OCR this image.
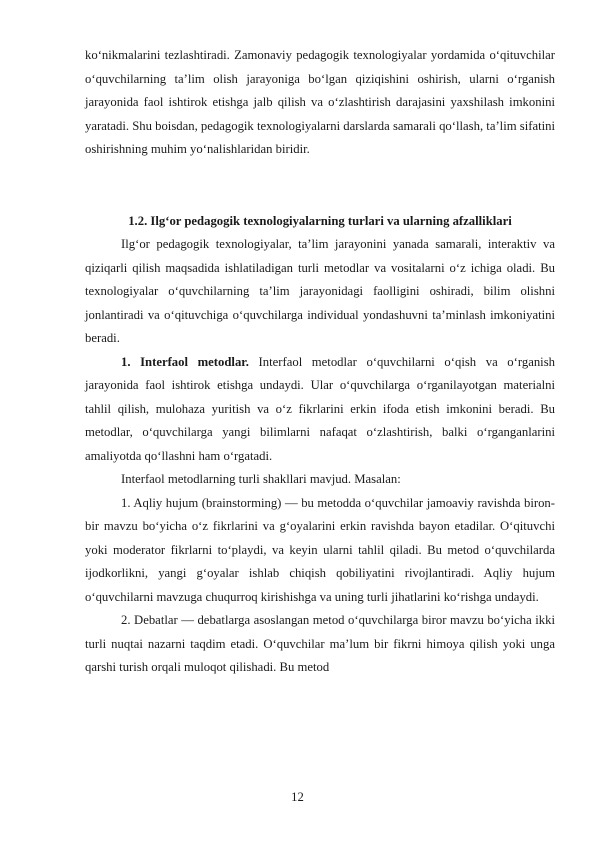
ko‘nikmalarini tezlashtiradi. Zamonaviy pedagogik texnologiyalar yordamida o‘qituvchilar o‘quvchilarning ta’lim olish jarayoniga bo‘lgan qiziqishini oshirish, ularni o‘rganish jarayonida faol ishtirok etishga jalb qilish va o‘zlashtirish darajasini yaxshilash imkonini yaratadi. Shu boisdan, pedagogik texnologiyalarni darslarda samarali qo‘llash, ta’lim sifatini oshirishning muhim yo‘nalishlaridan biridir.

1.2. Ilg‘or pedagogik texnologiyalarning turlari va ularning afzalliklari

Ilg‘or pedagogik texnologiyalar, ta’lim jarayonini yanada samarali, interaktiv va qiziqarli qilish maqsadida ishlatiladigan turli metodlar va vositalarni o‘z ichiga oladi. Bu texnologiyalar o‘quvchilarning ta’lim jarayonidagi faolligini oshiradi, bilim olishni jonlantiradi va o‘qituvchiga o‘quvchilarga individual yondashuvni ta’minlash imkoniyatini beradi.

1. Interfaol metodlar. Interfaol metodlar o‘quvchilarni o‘qish va o‘rganish jarayonida faol ishtirok etishga undaydi. Ular o‘quvchilarga o‘rganilayotgan materialni tahlil qilish, mulohaza yuritish va o‘z fikrlarini erkin ifoda etish imkonini beradi. Bu metodlar, o‘quvchilarga yangi bilimlarni nafaqat o‘zlashtirish, balki o‘rganganlarini amaliyotda qo‘llashni ham o‘rgatadi.

Interfaol metodlarning turli shakllari mavjud. Masalan:

1. Aqliy hujum (brainstorming) — bu metodda o‘quvchilar jamoaviy ravishda biron-bir mavzu bo‘yicha o‘z fikrlarini va g‘oyalarini erkin ravishda bayon etadilar. O‘qituvchi yoki moderator fikrlarni to‘playdi, va keyin ularni tahlil qiladi. Bu metod o‘quvchilarda ijodkorlikni, yangi g‘oyalar ishlab chiqish qobiliyatini rivojlantiradi. Aqliy hujum o‘quvchilarni mavzuga chuqurroq kirishishga va uning turli jihatlarini ko‘rishga undaydi.

2. Debatlar — debatlarga asoslangan metod o‘quvchilarga biror mavzu bo‘yicha ikki turli nuqtai nazarni taqdim etadi. O‘quvchilar ma’lum bir fikrni himoya qilish yoki unga qarshi turish orqali muloqot qilishadi. Bu metod

12
